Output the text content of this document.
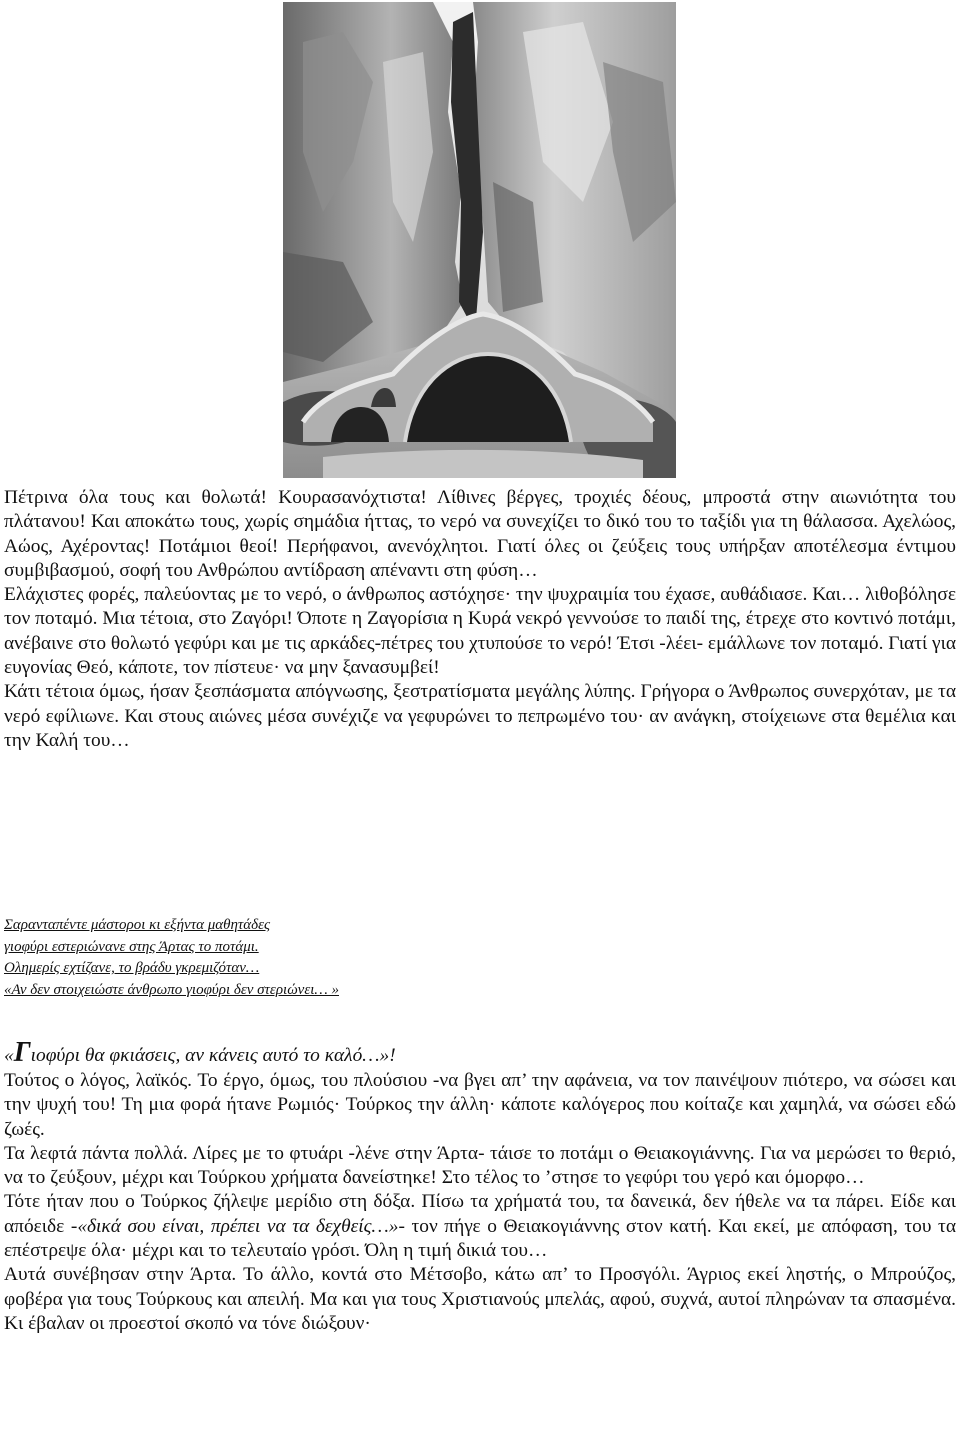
Πέτρινα όλα τους και θολωτά! Κουρασανόχτιστα! Λίθινες βέργες, τροχιές δέους, μπροστά στην αιωνιότητα του πλάτανου! Και αποκάτω τους, χωρίς σημάδια ήττας, το νερό να συνεχίζει το δικό του το ταξίδι για τη θάλασσα. Αχελώος, Αώος, Αχέροντας! Ποτάμιοι θεοί! Περήφανοι, ανενόχλητοι. Γιατί όλες οι ζεύξεις τους υπήρξαν αποτέλεσμα έντιμου συμβιβασμού, σοφή του Ανθρώπου αντίδραση απέναντι στη φύση…

Ελάχιστες φορές, παλεύοντας με το νερό, ο άνθρωπος αστόχησε· την ψυχραιμία του έχασε, αυθάδιασε. Και… λιθοβόλησε τον ποταμό. Μια τέτοια, στο Ζαγόρι! Όποτε η Ζαγορίσια η Κυρά νεκρό γεννούσε το παιδί της, έτρεχε στο κοντινό ποτάμι, ανέβαινε στο θολωτό γεφύρι και με τις αρκάδες-πέτρες του χτυπούσε το νερό! Έτσι -λέει- εμάλλωνε τον ποταμό. Γιατί για ευγονίας Θεό, κάποτε, τον πίστευε· να μην ξανασυμβεί!

Κάτι τέτοια όμως, ήσαν ξεσπάσματα απόγνωσης, ξεστρατίσματα μεγάλης λύπης. Γρήγορα ο Άνθρωπος συνερχόταν, με τα νερό εφίλιωνε. Και στους αιώνες μέσα συνέχιζε να γεφυρώνει το πεπρωμένο του· αν ανάγκη, στοίχειωνε στα θεμέλια και την Καλή του…

Σαρανταπέντε μάστοροι κι εξήντα μαθητάδες
γιοφύρι εστεριώνανε στης Άρτας το ποτάμι.
Ολημερίς εχτίζανε, το βράδυ γκρεμιζόταν…
«Αν δεν στοιχειώστε άνθρωπο γιοφύρι δεν στεριώνει… »

«Γιοφύρι θα φκιάσεις, αν κάνεις αυτό το καλό…»!

Τούτος ο λόγος, λαϊκός. Το έργο, όμως, του πλούσιου -να βγει απ’ την αφάνεια, να τον παινέψουν πιότερο, να σώσει και την ψυχή του! Τη μια φορά ήτανε Ρωμιός· Τούρκος την άλλη· κάποτε καλόγερος που κοίταζε και χαμηλά, να σώσει εδώ ζωές.

Τα λεφτά πάντα πολλά. Λίρες με το φτυάρι -λένε στην Άρτα- τάισε το ποτάμι ο Θειακογιάννης. Για να μερώσει το θεριό, να το ζεύξουν, μέχρι και Τούρκου χρήματα δανείστηκε! Στο τέλος το ’στησε το γεφύρι του γερό και όμορφο…

Τότε ήταν που ο Τούρκος ζήλεψε μερίδιο στη δόξα. Πίσω τα χρήματά του, τα δανεικά, δεν ήθελε να τα πάρει. Είδε και απόειδε -«δικά σου είναι, πρέπει να τα δεχθείς…»- τον πήγε ο Θειακογιάννης στον κατή. Και εκεί, με απόφαση, του τα επέστρεψε όλα· μέχρι και το τελευταίο γρόσι. Όλη η τιμή δικιά του…

Αυτά συνέβησαν στην Άρτα. Το άλλο, κοντά στο Μέτσοβο, κάτω απ’ το Προσγόλι. Άγριος εκεί ληστής, ο Μπρούζος, φοβέρα για τους Τούρκους και απειλή. Μα και για τους Χριστιανούς μπελάς, αφού, συχνά, αυτοί πληρώναν τα σπασμένα. Κι έβαλαν οι προεστοί σκοπό να τόνε διώξουν·
